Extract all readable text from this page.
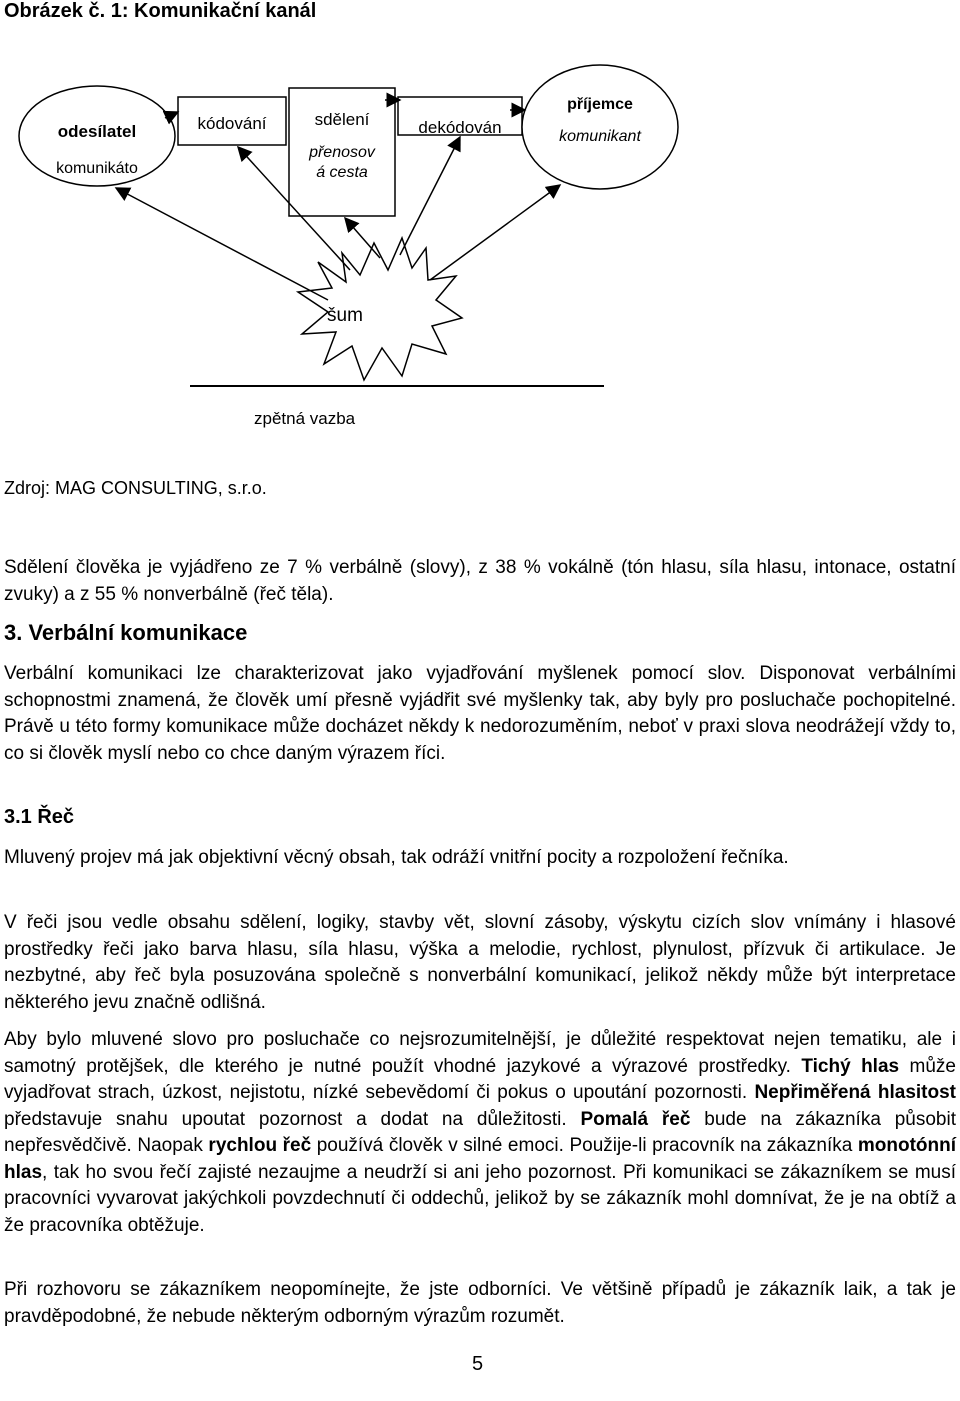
Obrázek č. 1: Komunikační kanál
odesílatel
komunikáto
kódování	sdělení
přenosov
á cesta
dekódován
příjemce
komunikant
šum
zpětná vazba
Zdroj: MAG CONSULTING, s.r.o.

Sdělení člověka je vyjádřeno ze 7 % verbálně (slovy), z 38 % vokálně (tón hlasu, síla hlasu, intonace, ostatní zvuky) a z 55 % nonverbálně (řeč těla).

3. Verbální komunikace

Verbální komunikaci lze charakterizovat jako vyjadřování myšlenek pomocí slov. Disponovat verbálními schopnostmi znamená, že člověk umí přesně vyjádřit své myšlenky tak, aby byly pro posluchače pochopitelné. Právě u této formy komunikace může docházet někdy k nedorozuměním, neboť v praxi slova neodrážejí vždy to, co si člověk myslí nebo co chce daným výrazem říci.

3.1 Řeč

Mluvený projev má jak objektivní věcný obsah, tak odráží vnitřní pocity a rozpoložení řečníka.

V řeči jsou vedle obsahu sdělení, logiky, stavby vět, slovní zásoby, výskytu cizích slov vnímány i hlasové prostředky řeči jako barva hlasu, síla hlasu, výška a melodie, rychlost, plynulost, přízvuk či artikulace. Je nezbytné, aby řeč byla posuzována společně s nonverbální komunikací, jelikož někdy může být interpretace některého jevu značně odlišná.

Aby bylo mluvené slovo pro posluchače co nejsrozumitelnější, je důležité respektovat nejen tematiku, ale i samotný protějšek, dle kterého je nutné použít vhodné jazykové a výrazové prostředky. Tichý hlas může vyjadřovat strach, úzkost, nejistotu, nízké sebevědomí či pokus o upoutání pozornosti. Nepřiměřená hlasitost představuje snahu upoutat pozornost a dodat na důležitosti. Pomalá řeč bude na zákazníka působit nepřesvědčivě. Naopak rychlou řeč používá člověk v silné emoci. Použije-li pracovník na zákazníka monotónní hlas, tak ho svou řečí zajisté nezaujme a neudrží si ani jeho pozornost. Při komunikaci se zákazníkem se musí pracovníci vyvarovat jakýchkoli povzdechnutí či oddechů, jelikož by se zákazník mohl domnívat, že je na obtíž a že pracovníka obtěžuje.

Při rozhovoru se zákazníkem neopomínejte, že jste odborníci. Ve většině případů je zákazník laik, a tak je pravděpodobné, že nebude některým odborným výrazům rozumět.

5
